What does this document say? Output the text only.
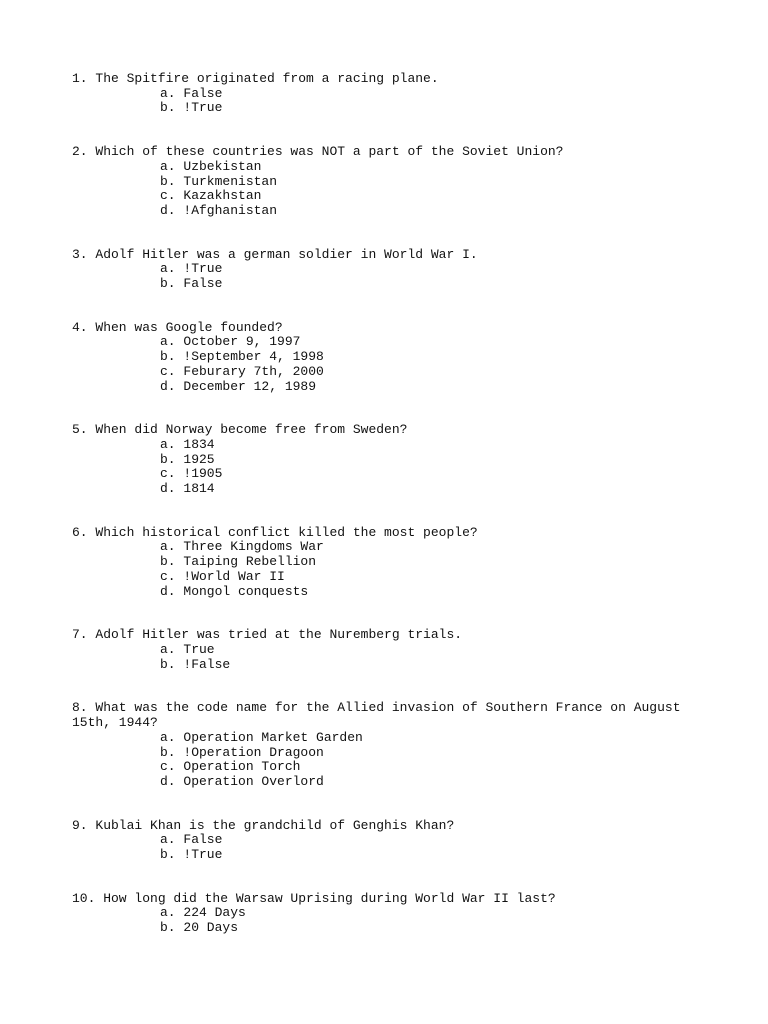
1. The Spitfire originated from a racing plane.
a. False
b. !True
2. Which of these countries was NOT a part of the Soviet Union?
a. Uzbekistan
b. Turkmenistan
c. Kazakhstan
d. !Afghanistan
3. Adolf Hitler was a german soldier in World War I.
a. !True
b. False
4. When was Google founded?
a. October 9, 1997
b. !September 4, 1998
c. Feburary 7th, 2000
d. December 12, 1989
5. When did Norway become free from Sweden?
a. 1834
b. 1925
c. !1905
d. 1814
6. Which historical conflict killed the most people?
a. Three Kingdoms War
b. Taiping Rebellion
c. !World War II
d. Mongol conquests
7. Adolf Hitler was tried at the Nuremberg trials.
a. True
b. !False
8. What was the code name for the Allied invasion of Southern France on August 15th, 1944?
a. Operation Market Garden
b. !Operation Dragoon
c. Operation Torch
d. Operation Overlord
9. Kublai Khan is the grandchild of Genghis Khan?
a. False
b. !True
10. How long did the Warsaw Uprising during World War II last?
a. 224 Days
b. 20 Days
